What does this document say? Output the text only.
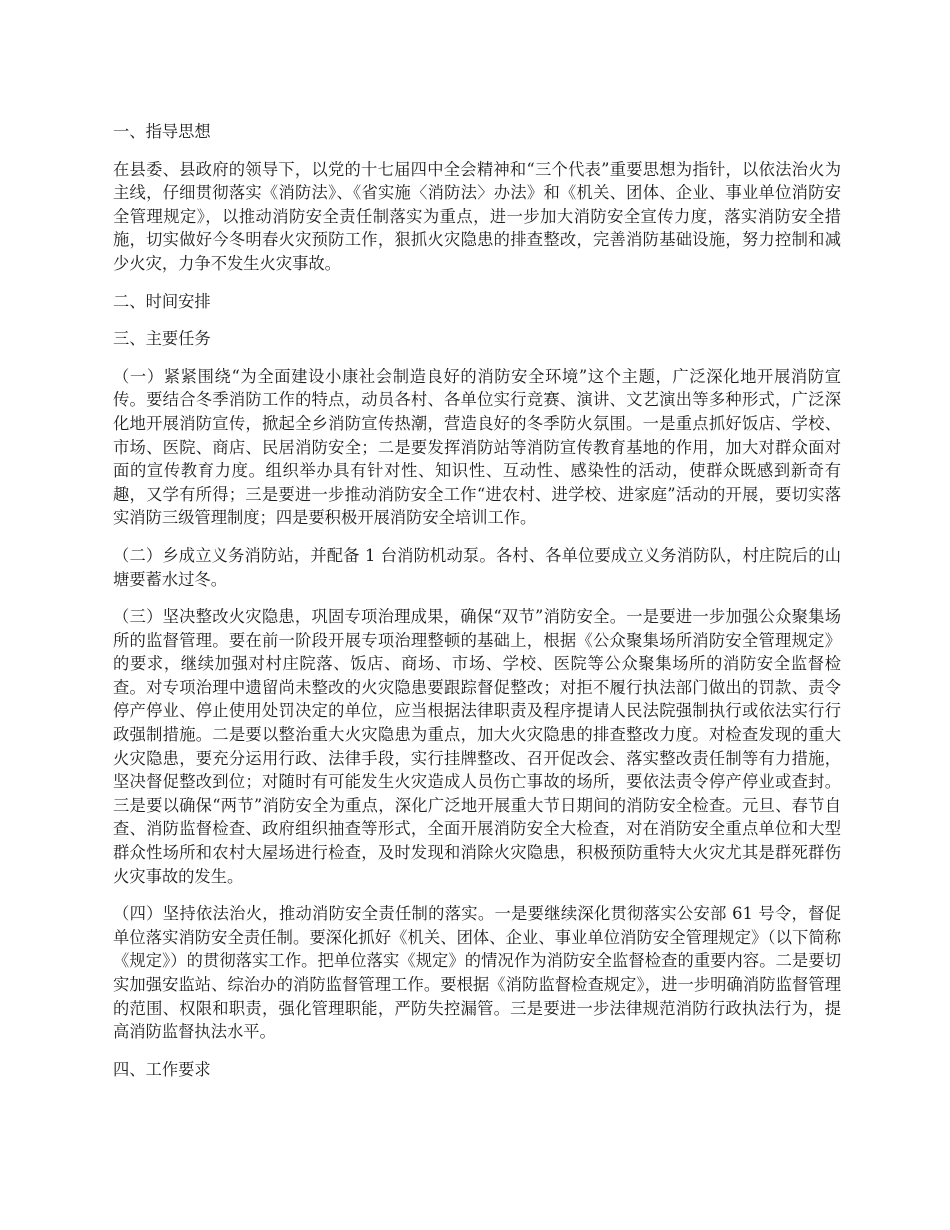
一、指导思想
在县委、县政府的领导下，以党的十七届四中全会精神和“三个代表”重要思想为指针，以依法治火为主线，仔细贯彻落实《消防法》、《省实施〈消防法〉办法》和《机关、团体、企业、事业单位消防安全管理规定》，以推动消防安全责任制落实为重点，进一步加大消防安全宣传力度，落实消防安全措施，切实做好今冬明春火灾预防工作，狠抓火灾隐患的排查整改，完善消防基础设施，努力控制和减少火灾，力争不发生火灾事故。
二、时间安排
三、主要任务
（一）紧紧围绕“为全面建设小康社会制造良好的消防安全环境”这个主题，广泛深化地开展消防宣传。要结合冬季消防工作的特点，动员各村、各单位实行竞赛、演讲、文艺演出等多种形式，广泛深化地开展消防宣传，掀起全乡消防宣传热潮，营造良好的冬季防火氛围。一是重点抓好饭店、学校、市场、医院、商店、民居消防安全；二是要发挥消防站等消防宣传教育基地的作用，加大对群众面对面的宣传教育力度。组织举办具有针对性、知识性、互动性、感染性的活动，使群众既感到新奇有趣，又学有所得；三是要进一步推动消防安全工作“进农村、进学校、进家庭”活动的开展，要切实落实消防三级管理制度；四是要积极开展消防安全培训工作。
（二）乡成立义务消防站，并配备 1 台消防机动泵。各村、各单位要成立义务消防队，村庄院后的山塘要蓄水过冬。
（三）坚决整改火灾隐患，巩固专项治理成果，确保“双节”消防安全。一是要进一步加强公众聚集场所的监督管理。要在前一阶段开展专项治理整顿的基础上，根据《公众聚集场所消防安全管理规定》的要求，继续加强对村庄院落、饭店、商场、市场、学校、医院等公众聚集场所的消防安全监督检查。对专项治理中遗留尚未整改的火灾隐患要跟踪督促整改；对拒不履行执法部门做出的罚款、责令停产停业、停止使用处罚决定的单位，应当根据法律职责及程序提请人民法院强制执行或依法实行行政强制措施。二是要以整治重大火灾隐患为重点，加大火灾隐患的排查整改力度。对检查发现的重大火灾隐患，要充分运用行政、法律手段，实行挂牌整改、召开促改会、落实整改责任制等有力措施，坚决督促整改到位；对随时有可能发生火灾造成人员伤亡事故的场所，要依法责令停产停业或查封。三是要以确保“两节”消防安全为重点，深化广泛地开展重大节日期间的消防安全检查。元旦、春节自查、消防监督检查、政府组织抽查等形式，全面开展消防安全大检查，对在消防安全重点单位和大型群众性场所和农村大屋场进行检查，及时发现和消除火灾隐患，积极预防重特大火灾尤其是群死群伤火灾事故的发生。
（四）坚持依法治火，推动消防安全责任制的落实。一是要继续深化贯彻落实公安部 61 号令，督促单位落实消防安全责任制。要深化抓好《机关、团体、企业、事业单位消防安全管理规定》（以下简称《规定》）的贯彻落实工作。把单位落实《规定》的情况作为消防安全监督检查的重要内容。二是要切实加强安监站、综治办的消防监督管理工作。要根据《消防监督检查规定》，进一步明确消防监督管理的范围、权限和职责，强化管理职能，严防失控漏管。三是要进一步法律规范消防行政执法行为，提高消防监督执法水平。
四、工作要求
